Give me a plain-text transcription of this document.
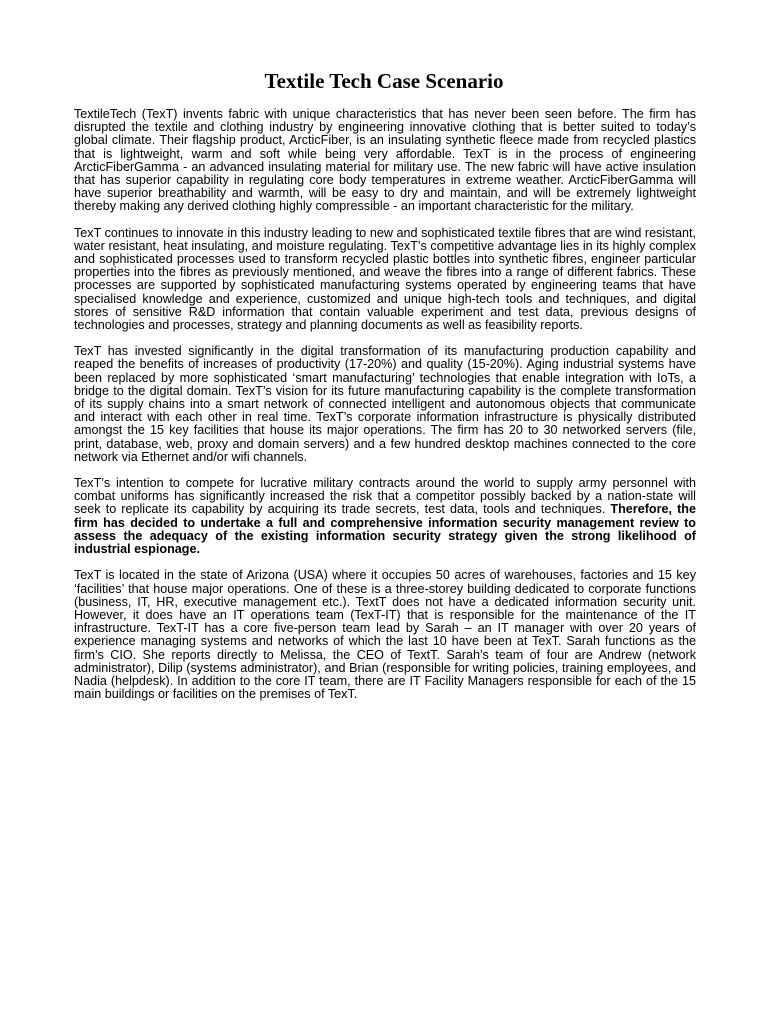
Textile Tech Case Scenario

TextileTech (TexT) invents fabric with unique characteristics that has never been seen before. The firm has disrupted the textile and clothing industry by engineering innovative clothing that is better suited to today’s global climate. Their flagship product, ArcticFiber, is an insulating synthetic fleece made from recycled plastics that is lightweight, warm and soft while being very affordable. TexT is in the process of engineering ArcticFiberGamma - an advanced insulating material for military use. The new fabric will have active insulation that has superior capability in regulating core body temperatures in extreme weather. ArcticFiberGamma will have superior breathability and warmth, will be easy to dry and maintain, and will be extremely lightweight thereby making any derived clothing highly compressible - an important characteristic for the military.

TexT continues to innovate in this industry leading to new and sophisticated textile fibres that are wind resistant, water resistant, heat insulating, and moisture regulating. TexT’s competitive advantage lies in its highly complex and sophisticated processes used to transform recycled plastic bottles into synthetic fibres, engineer particular properties into the fibres as previously mentioned, and weave the fibres into a range of different fabrics. These processes are supported by sophisticated manufacturing systems operated by engineering teams that have specialised knowledge and experience, customized and unique high-tech tools and techniques, and digital stores of sensitive R&D information that contain valuable experiment and test data, previous designs of technologies and processes, strategy and planning documents as well as feasibility reports.

TexT has invested significantly in the digital transformation of its manufacturing production capability and reaped the benefits of increases of productivity (17-20%) and quality (15-20%). Aging industrial systems have been replaced by more sophisticated ‘smart manufacturing’ technologies that enable integration with IoTs, a bridge to the digital domain. TexT’s vision for its future manufacturing capability is the complete transformation of its supply chains into a smart network of connected intelligent and autonomous objects that communicate and interact with each other in real time. TexT’s corporate information infrastructure is physically distributed amongst the 15 key facilities that house its major operations. The firm has 20 to 30 networked servers (file, print, database, web, proxy and domain servers) and a few hundred desktop machines connected to the core network via Ethernet and/or wifi channels.

TexT’s intention to compete for lucrative military contracts around the world to supply army personnel with combat uniforms has significantly increased the risk that a competitor possibly backed by a nation-state will seek to replicate its capability by acquiring its trade secrets, test data, tools and techniques. Therefore, the firm has decided to undertake a full and comprehensive information security management review to assess the adequacy of the existing information security strategy given the strong likelihood of industrial espionage.

TexT is located in the state of Arizona (USA) where it occupies 50 acres of warehouses, factories and 15 key ‘facilities’ that house major operations. One of these is a three-storey building dedicated to corporate functions (business, IT, HR, executive management etc.). TextT does not have a dedicated information security unit. However, it does have an IT operations team (TexT-IT) that is responsible for the maintenance of the IT infrastructure. TexT-IT has a core five-person team lead by Sarah – an IT manager with over 20 years of experience managing systems and networks of which the last 10 have been at TexT. Sarah functions as the firm’s CIO. She reports directly to Melissa, the CEO of TextT. Sarah’s team of four are Andrew (network administrator), Dilip (systems administrator), and Brian (responsible for writing policies, training employees, and Nadia (helpdesk). In addition to the core IT team, there are IT Facility Managers responsible for each of the 15 main buildings or facilities on the premises of TexT.
